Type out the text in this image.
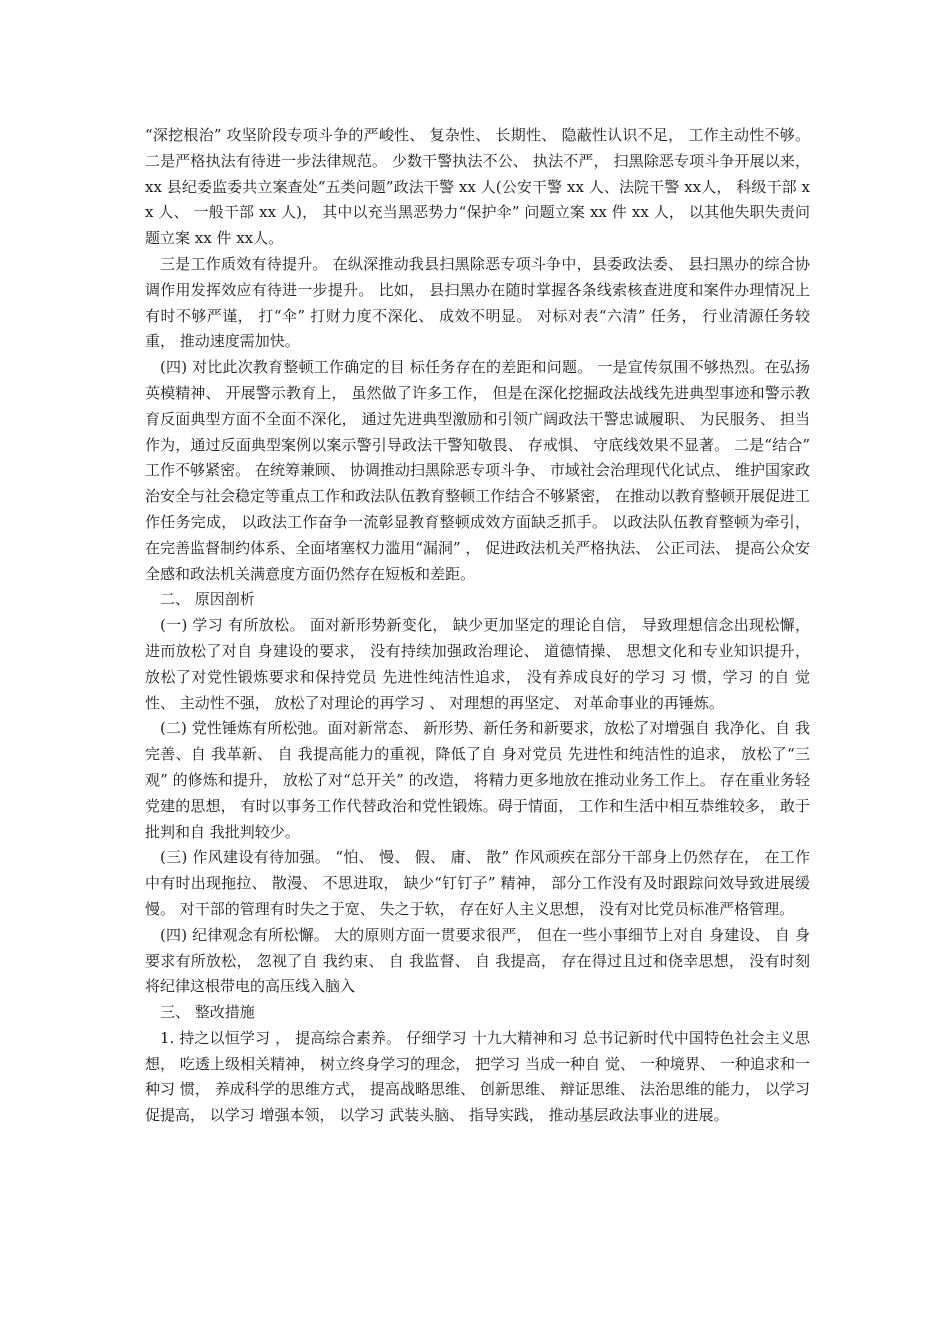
“深挖根治” 攻坚阶段专项斗争的严峻性、 复杂性、 长期性、 隐蔽性认识不足， 工作主动性不够。 二是严格执法有待进一步法律规范。 少数干警执法不公、 执法不严， 扫黑除恶专项斗争开展以来， xx 县纪委监委共立案查处“五类问题”政法干警 xx 人(公安干警 xx 人、法院干警 xx人， 科级干部 xx 人、 一般干部 xx 人)， 其中以充当黑恶势力“保护伞” 问题立案 xx 件 xx 人， 以其他失职失责问题立案 xx 件 xx人。

三是工作质效有待提升。 在纵深推动我县扫黑除恶专项斗争中，县委政法委、 县扫黑办的综合协调作用发挥效应有待进一步提升。 比如， 县扫黑办在随时掌握各条线索核查进度和案件办理情况上有时不够严谨， 打“伞” 打财力度不深化、 成效不明显。 对标对表“六清” 任务， 行业清源任务较重， 推动速度需加快。

(四) 对比此次教育整顿工作确定的目 标任务存在的差距和问题。 一是宣传氛围不够热烈。在弘扬英模精神、 开展警示教育上， 虽然做了许多工作， 但是在深化挖掘政法战线先进典型事迹和警示教育反面典型方面不全面不深化， 通过先进典型激励和引领广阔政法干警忠诚履职、 为民服务、 担当作为，通过反面典型案例以案示警引导政法干警知敬畏、 存戒惧、 守底线效果不显著。 二是“结合” 工作不够紧密。 在统筹兼顾、 协调推动扫黑除恶专项斗争、 市域社会治理现代化试点、 维护国家政治安全与社会稳定等重点工作和政法队伍教育整顿工作结合不够紧密， 在推动以教育整顿开展促进工作任务完成， 以政法工作奋争一流彰显教育整顿成效方面缺乏抓手。 以政法队伍教育整顿为牵引， 在完善监督制约体系、全面堵塞权力滥用“漏洞” ， 促进政法机关严格执法、 公正司法、 提高公众安全感和政法机关满意度方面仍然存在短板和差距。

二、 原因剖析

(一) 学习 有所放松。 面对新形势新变化， 缺少更加坚定的理论自信， 导致理想信念出现松懈， 进而放松了对自 身建设的要求， 没有持续加强政治理论、 道德情操、 思想文化和专业知识提升， 放松了对党性锻炼要求和保持党员 先进性纯洁性追求， 没有养成良好的学习 习 惯，学习 的自 觉性、 主动性不强， 放松了对理论的再学习 、 对理想的再坚定、 对革命事业的再锤炼。

(二) 党性锤炼有所松弛。面对新常态、 新形势、新任务和新要求，放松了对增强自 我净化、自 我完善、自 我革新、 自 我提高能力的重视，降低了自 身对党员 先进性和纯洁性的追求， 放松了“三观” 的修炼和提升， 放松了对“总开关” 的改造， 将精力更多地放在推动业务工作上。 存在重业务轻党建的思想， 有时以事务工作代替政治和党性锻炼。碍于情面， 工作和生活中相互恭维较多， 敢于批判和自 我批判较少。

(三) 作风建设有待加强。 “怕、 慢、 假、 庸、 散” 作风顽疾在部分干部身上仍然存在， 在工作中有时出现拖拉、 散漫、 不思进取， 缺少“钉钉子” 精神， 部分工作没有及时跟踪问效导致进展缓慢。 对干部的管理有时失之于宽、 失之于软， 存在好人主义思想， 没有对比党员标准严格管理。

(四) 纪律观念有所松懈。 大的原则方面一贯要求很严， 但在一些小事细节上对自 身建设、 自 身要求有所放松， 忽视了自 我约束、 自 我监督、 自 我提高， 存在得过且过和侥幸思想， 没有时刻将纪律这根带电的高压线入脑入

三、 整改措施

1. 持之以恒学习 ， 提高综合素养。 仔细学习 十九大精神和习 总书记新时代中国特色社会主义思想， 吃透上级相关精神， 树立终身学习的理念， 把学习 当成一种自 觉、 一种境界、 一种追求和一种习 惯， 养成科学的思维方式， 提高战略思维、 创新思维、 辩证思维、 法治思维的能力， 以学习 促提高， 以学习 增强本领， 以学习 武装头脑、 指导实践， 推动基层政法事业的进展。
